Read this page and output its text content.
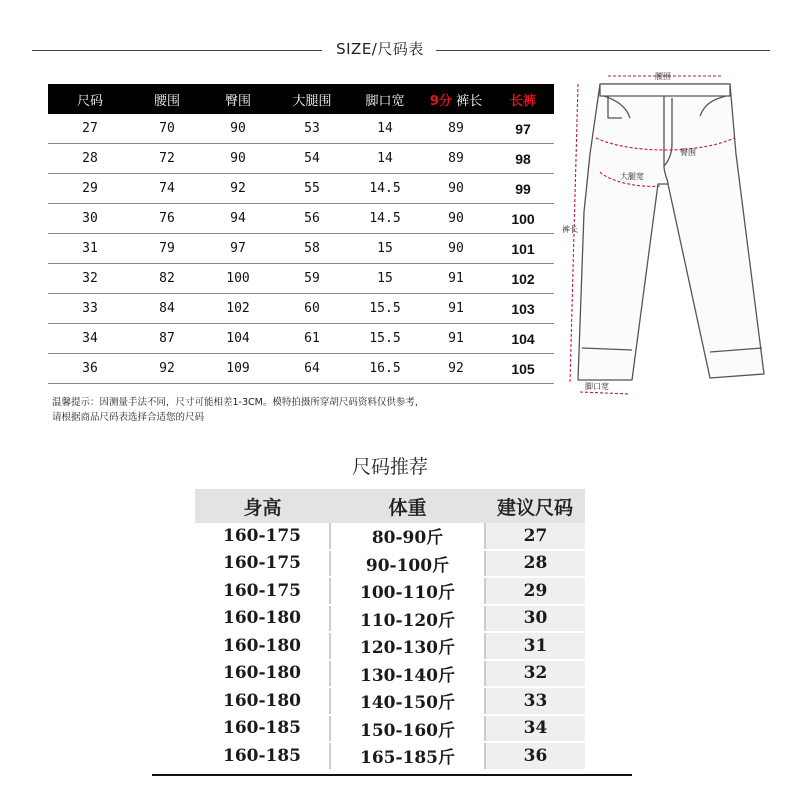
SIZE/尺码表
尺码	腰围	臀围	大腿围	脚口宽	9分 裤长	长裤
27	70	90	53	14	89	97
28	72	90	54	14	89	98
29	74	92	55	14.5	90	99
30	76	94	56	14.5	90	100
31	79	97	58	15	90	101
32	82	100	59	15	91	102
33	84	102	60	15.5	91	103
34	87	104	61	15.5	91	104
36	92	109	64	16.5	92	105
温馨提示：因测量手法不同，尺寸可能相差1-3CM。模特拍摄所穿胡尺码资料仅供参考，
请根据商品尺码表选择合适您的尺码
腰围
臀围
大腿宽
裤长
脚口宽
尺码推荐
身高	体重	建议尺码
160-175	80-90斤	27
160-175	90-100斤	28
160-175	100-110斤	29
160-180	110-120斤	30
160-180	120-130斤	31
160-180	130-140斤	32
160-180	140-150斤	33
160-185	150-160斤	34
160-185	165-185斤	36
